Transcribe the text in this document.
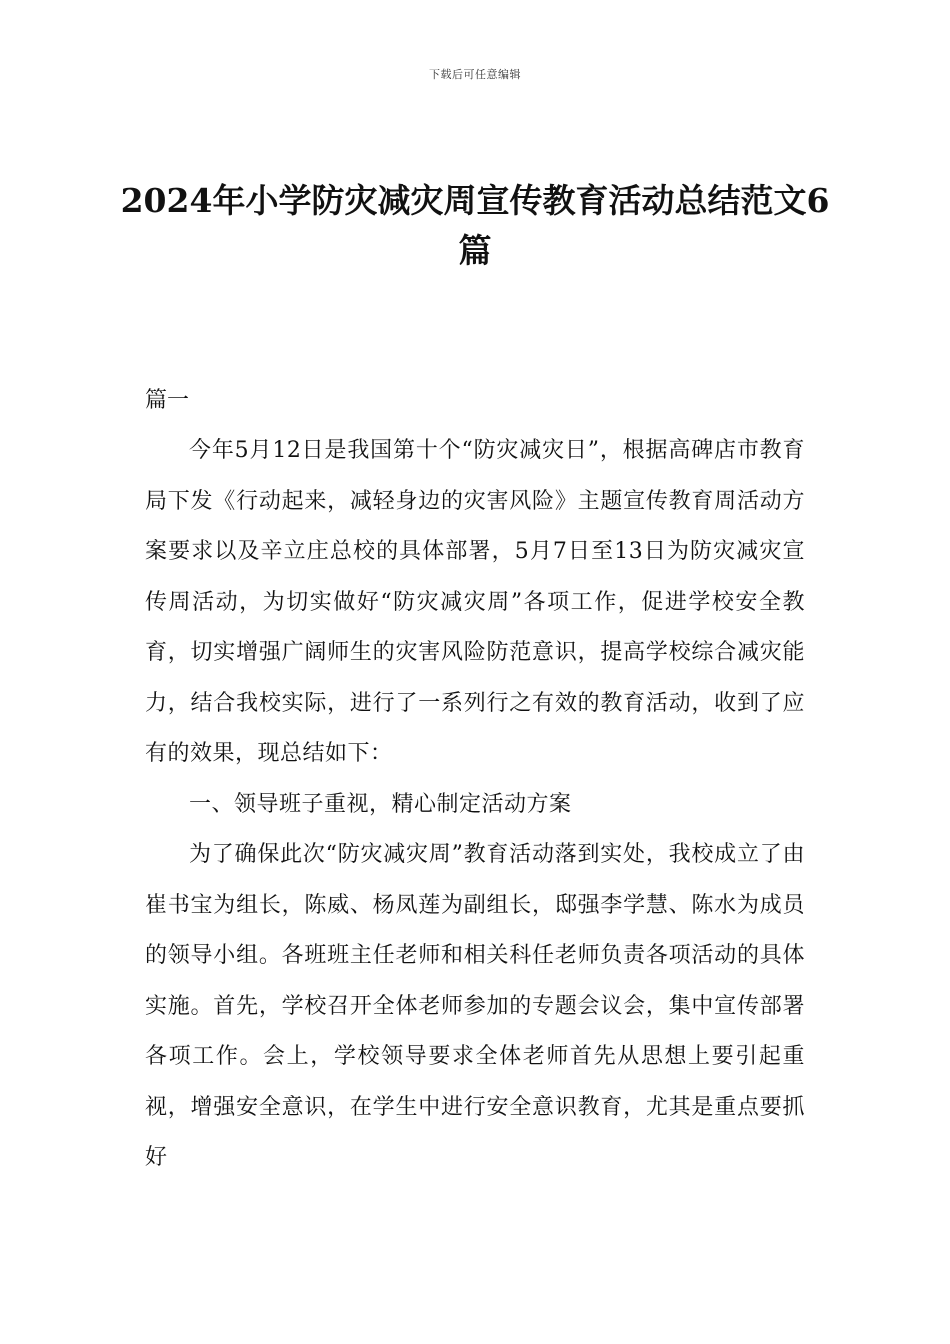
下载后可任意编辑
2024年小学防灾减灾周宣传教育活动总结范文6篇

篇一

今年5月12日是我国第十个“防灾减灾日”，根据高碑店市教育局下发《行动起来，减轻身边的灾害风险》主题宣传教育周活动方案要求以及辛立庄总校的具体部署，5月7日至13日为防灾减灾宣传周活动，为切实做好“防灾减灾周”各项工作，促进学校安全教育，切实增强广阔师生的灾害风险防范意识，提高学校综合减灾能力，结合我校实际，进行了一系列行之有效的教育活动，收到了应有的效果，现总结如下：

一、领导班子重视，精心制定活动方案

为了确保此次“防灾减灾周”教育活动落到实处，我校成立了由崔书宝为组长，陈威、杨凤莲为副组长，邸强李学慧、陈水为成员的领导小组。各班班主任老师和相关科任老师负责各项活动的具体实施。首先，学校召开全体老师参加的专题会议会，集中宣传部署各项工作。会上，学校领导要求全体老师首先从思想上要引起重视，增强安全意识，在学生中进行安全意识教育，尤其是重点要抓好
